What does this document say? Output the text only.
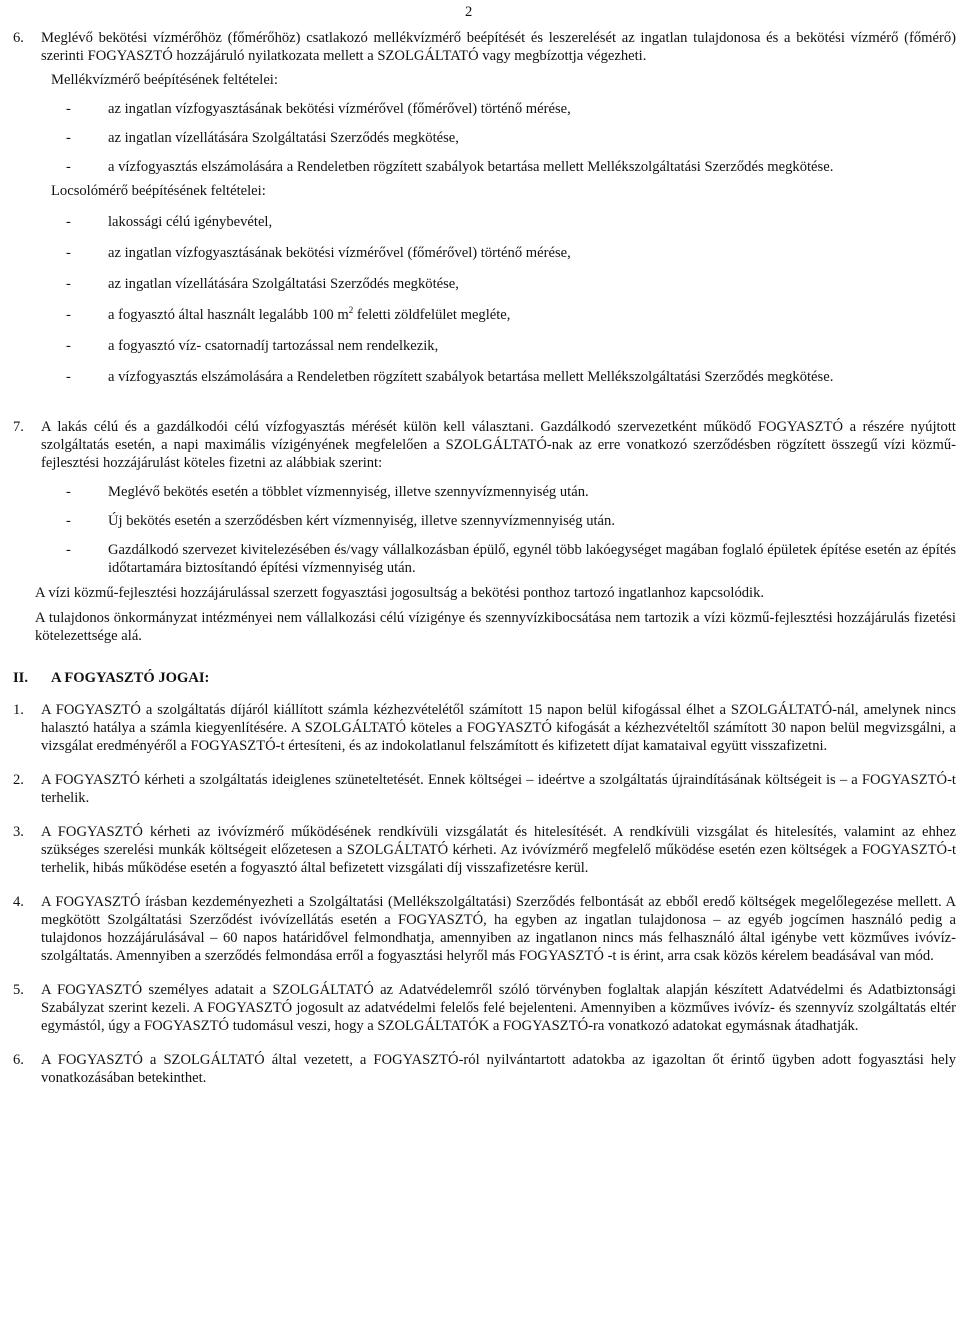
2
6.	Meglévő bekötési vízmérőhöz (főmérőhöz) csatlakozó mellékvízmérő beépítését és leszerelését az ingatlan tulajdonosa és a bekötési vízmérő (főmérő) szerinti FOGYASZTÓ hozzájáruló nyilatkozata mellett a SZOLGÁLTATÓ vagy megbízottja végezheti.
Mellékvízmérő beépítésének feltételei:
-	az ingatlan vízfogyasztásának bekötési vízmérővel (főmérővel) történő mérése,
-	az ingatlan vízellátására Szolgáltatási Szerződés megkötése,
-	a vízfogyasztás elszámolására a Rendeletben rögzített szabályok betartása mellett Mellékszolgáltatási Szerződés megkötése.
Locsolómérő beépítésének feltételei:
-	lakossági célú igénybevétel,
-	az ingatlan vízfogyasztásának bekötési vízmérővel (főmérővel) történő mérése,
-	az ingatlan vízellátására Szolgáltatási Szerződés megkötése,
-	a fogyasztó által használt legalább 100 $m^2$ feletti zöldfelület megléte,
-	a fogyasztó víz- csatornadíj tartozással nem rendelkezik,
-	a vízfogyasztás elszámolására a Rendeletben rögzített szabályok betartása mellett Mellékszolgáltatási Szerződés megkötése.
7.	A lakás célú és a gazdálkodói célú vízfogyasztás mérését külön kell választani. Gazdálkodó szervezetként működő FOGYASZTÓ a részére nyújtott szolgáltatás esetén, a napi maximális vízigényének megfelelően a SZOLGÁLTATÓ-nak az erre vonatkozó szerződésben rögzített összegű vízi közmű-fejlesztési hozzájárulást köteles fizetni az alábbiak szerint:
-	Meglévő bekötés esetén a többlet vízmennyiség, illetve szennyvízmennyiség után.
-	Új bekötés esetén a szerződésben kért vízmennyiség, illetve szennyvízmennyiség után.
-	Gazdálkodó szervezet kivitelezésében és/vagy vállalkozásban épülő, egynél több lakóegységet magában foglaló épületek építése esetén az építés időtartamára biztosítandó építési vízmennyiség után.
A vízi közmű-fejlesztési hozzájárulással szerzett fogyasztási jogosultság a bekötési ponthoz tartozó ingatlanhoz kapcsolódik.
A tulajdonos önkormányzat intézményei nem vállalkozási célú vízigénye és szennyvízkibocsátása nem tartozik a vízi közmű-fejlesztési hozzájárulás fizetési kötelezettsége alá.
II.	A FOGYASZTÓ JOGAI:
1.	A FOGYASZTÓ a szolgáltatás díjáról kiállított számla kézhezvételétől számított 15 napon belül kifogással élhet a SZOLGÁLTATÓ-nál, amelynek nincs halasztó hatálya a számla kiegyenlítésére. A SZOLGÁLTATÓ köteles a FOGYASZTÓ kifogását a kézhezvételtől számított 30 napon belül megvizsgálni, a vizsgálat eredményéről a FOGYASZTÓ-t értesíteni, és az indokolatlanul felszámított és kifizetett díjat kamataival együtt visszafizetni.
2.	A FOGYASZTÓ kérheti a szolgáltatás ideiglenes szüneteltetését. Ennek költségei – ideértve a szolgáltatás újraindításának költségeit is – a FOGYASZTÓ-t terhelik.
3.	A FOGYASZTÓ kérheti az ivóvízmérő működésének rendkívüli vizsgálatát és hitelesítését. A rendkívüli vizsgálat és hitelesítés, valamint az ehhez szükséges szerelési munkák költségeit előzetesen a SZOLGÁLTATÓ kérheti. Az ivóvízmérő megfelelő működése esetén ezen költségek a FOGYASZTÓ-t terhelik, hibás működése esetén a fogyasztó által befizetett vizsgálati díj visszafizetésre kerül.
4.	A FOGYASZTÓ írásban kezdeményezheti a Szolgáltatási (Mellékszolgáltatási) Szerződés felbontását az ebből eredő költségek megelőlegezése mellett. A megkötött Szolgáltatási Szerződést ivóvízellátás esetén a FOGYASZTÓ, ha egyben az ingatlan tulajdonosa – az egyéb jogcímen használó pedig a tulajdonos hozzájárulásával – 60 napos határidővel felmondhatja, amennyiben az ingatlanon nincs más felhasználó által igénybe vett közműves ivóvíz-szolgáltatás. Amennyiben a szerződés felmondása erről a fogyasztási helyről más FOGYASZTÓ -t is érint, arra csak közös kérelem beadásával van mód.
5.	A FOGYASZTÓ személyes adatait a SZOLGÁLTATÓ az Adatvédelemről szóló törvényben foglaltak alapján készített Adatvédelmi és Adatbiztonsági Szabályzat szerint kezeli. A FOGYASZTÓ jogosult az adatvédelmi felelős felé bejelenteni. Amennyiben a közműves ivóvíz- és szennyvíz szolgáltatás eltér egymástól, úgy a FOGYASZTÓ tudomásul veszi, hogy a SZOLGÁLTATÓK a FOGYASZTÓ-ra vonatkozó adatokat egymásnak átadhatják.
6.	A FOGYASZTÓ a SZOLGÁLTATÓ által vezetett, a FOGYASZTÓ-ról nyilvántartott adatokba az igazoltan őt érintő ügyben adott fogyasztási hely vonatkozásában betekinthet.
